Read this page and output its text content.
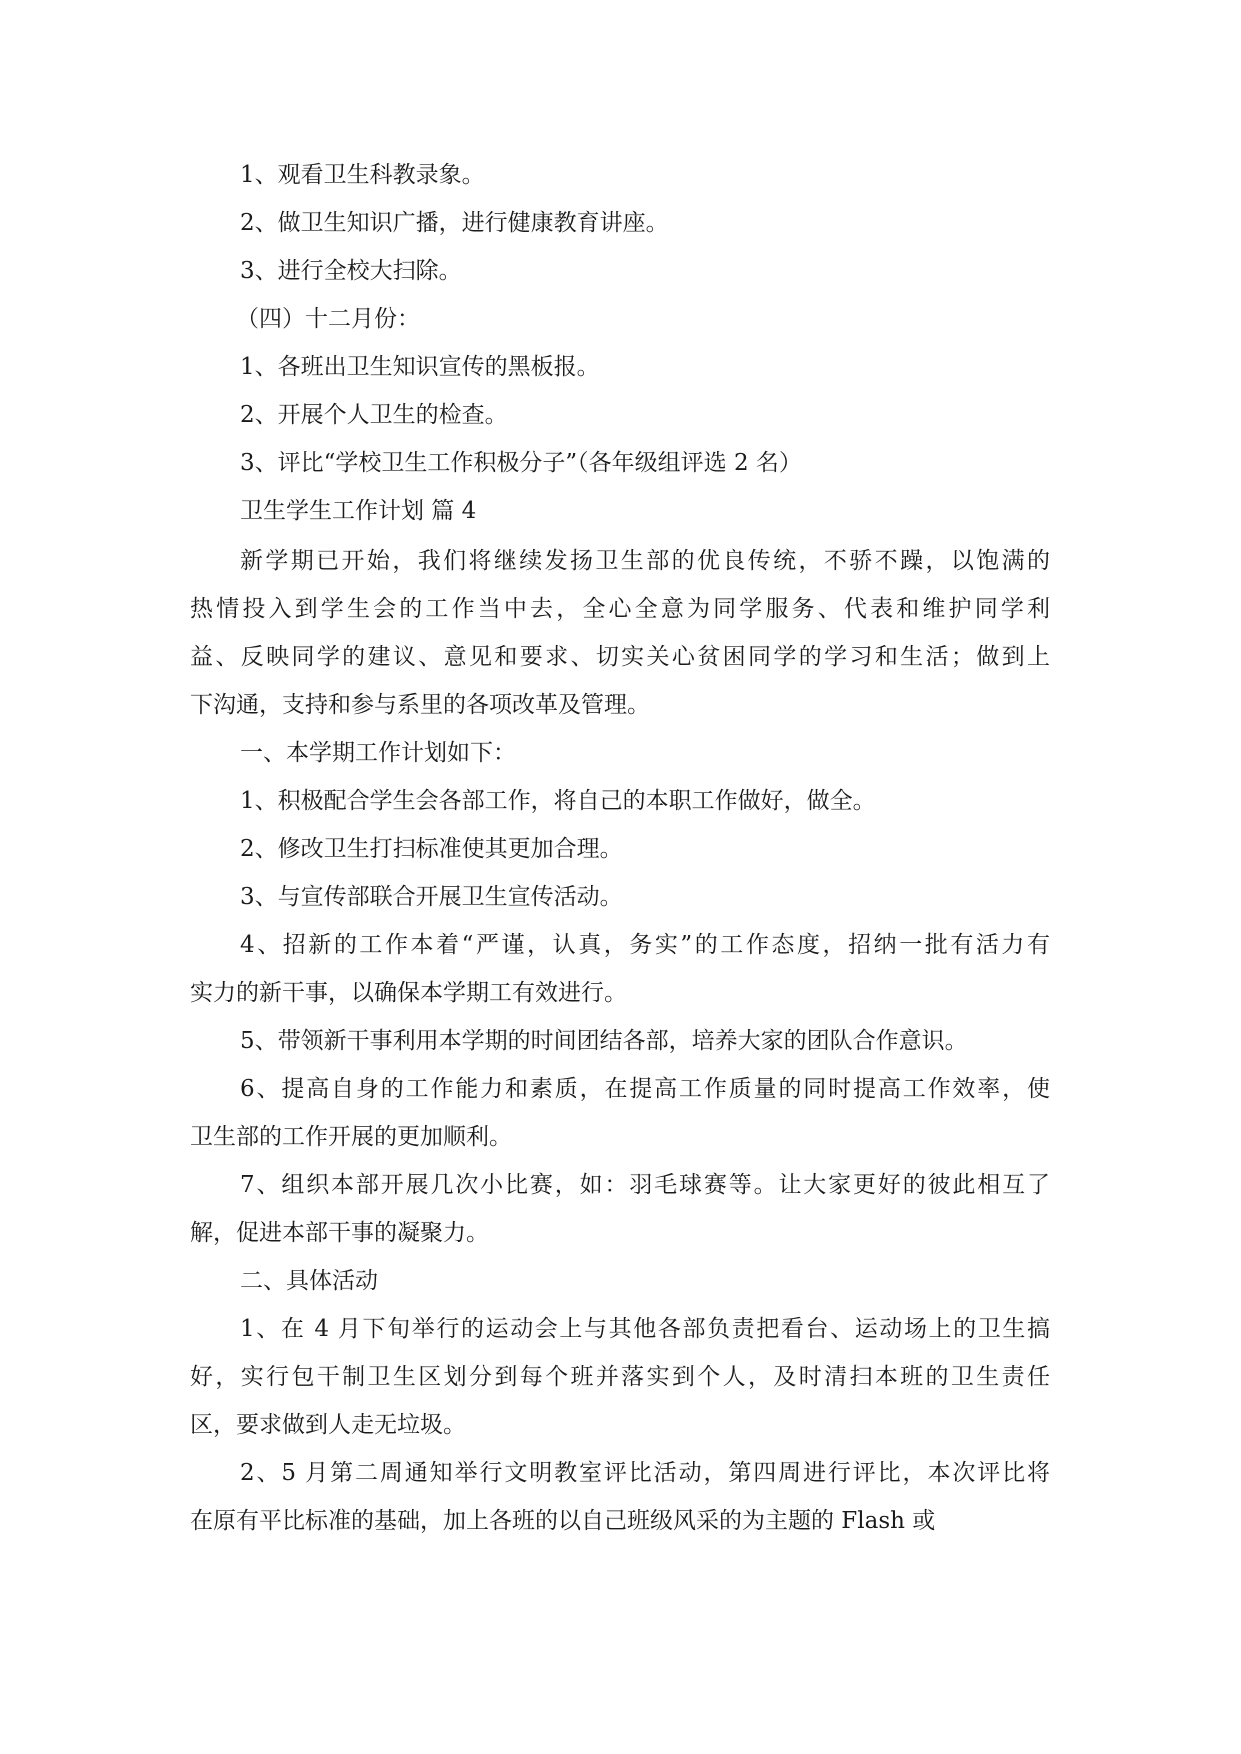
1、观看卫生科教录象。

2、做卫生知识广播，进行健康教育讲座。

3、进行全校大扫除。

（四）十二月份：

1、各班出卫生知识宣传的黑板报。

2、开展个人卫生的检查。

3、评比“学校卫生工作积极分子”（各年级组评选 2 名）

卫生学生工作计划 篇 4

新学期已开始，我们将继续发扬卫生部的优良传统，不骄不躁，以饱满的

热情投入到学生会的工作当中去，全心全意为同学服务、代表和维护同学利

益、反映同学的建议、意见和要求、切实关心贫困同学的学习和生活；做到上

下沟通，支持和参与系里的各项改革及管理。

一、本学期工作计划如下：

1、积极配合学生会各部工作，将自己的本职工作做好，做全。

2、修改卫生打扫标准使其更加合理。

3、与宣传部联合开展卫生宣传活动。

4、招新的工作本着“严谨，认真，务实”的工作态度，招纳一批有活力有

实力的新干事，以确保本学期工有效进行。

5、带领新干事利用本学期的时间团结各部，培养大家的团队合作意识。

6、提高自身的工作能力和素质，在提高工作质量的同时提高工作效率，使

卫生部的工作开展的更加顺利。

7、组织本部开展几次小比赛，如：羽毛球赛等。让大家更好的彼此相互了

解，促进本部干事的凝聚力。

二、具体活动

1、在 4 月下旬举行的运动会上与其他各部负责把看台、运动场上的卫生搞

好，实行包干制卫生区划分到每个班并落实到个人，及时清扫本班的卫生责任

区，要求做到人走无垃圾。

2、5 月第二周通知举行文明教室评比活动，第四周进行评比，本次评比将

在原有平比标准的基础，加上各班的以自己班级风采的为主题的 Flash 或
